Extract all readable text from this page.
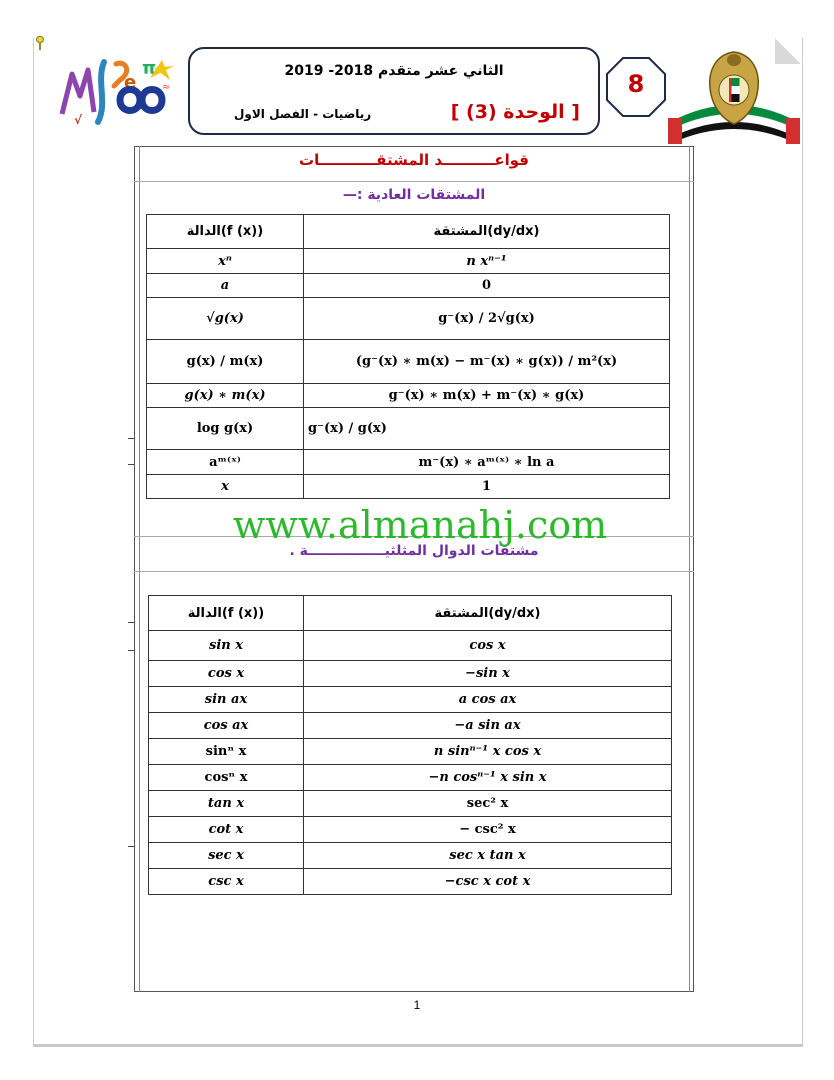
e
π
≈
√
الثاني عشر متقدم 2018- 2019
[ الوحدة (3) ]
رياضيات - الفصل الاول
8
قواعــــــــــد المشتقـــــــــــات
المشتقات العادية :—
الدالة(f (x))	المشتقة(dy/dx)
xⁿ	n xⁿ⁻¹
a	0
√g(x)	g⁻(x) / 2√g(x)
g(x) / m(x)	(g⁻(x) ∗ m(x) − m⁻(x) ∗ g(x)) / m²(x)
g(x) ∗ m(x)	g⁻(x) ∗ m(x) + m⁻(x) ∗ g(x)
log g(x)	g⁻(x) / g(x)
aᵐ⁽ˣ⁾	m⁻(x) ∗ aᵐ⁽ˣ⁾ ∗ ln a
x	1
www.almanahj.com
مشتقات الدوال المثلثيــــــــــــــــة .
الدالة(f (x))	المشتقة(dy/dx)
sin x	cos x
cos x	−sin x
sin ax	a cos ax
cos ax	−a sin ax
sinⁿ x	n sinⁿ⁻¹ x cos x
cosⁿ x	−n cosⁿ⁻¹ x sin x
tan x	sec² x
cot x	− csc² x
sec x	sec x tan x
csc x	−csc x cot x
1
